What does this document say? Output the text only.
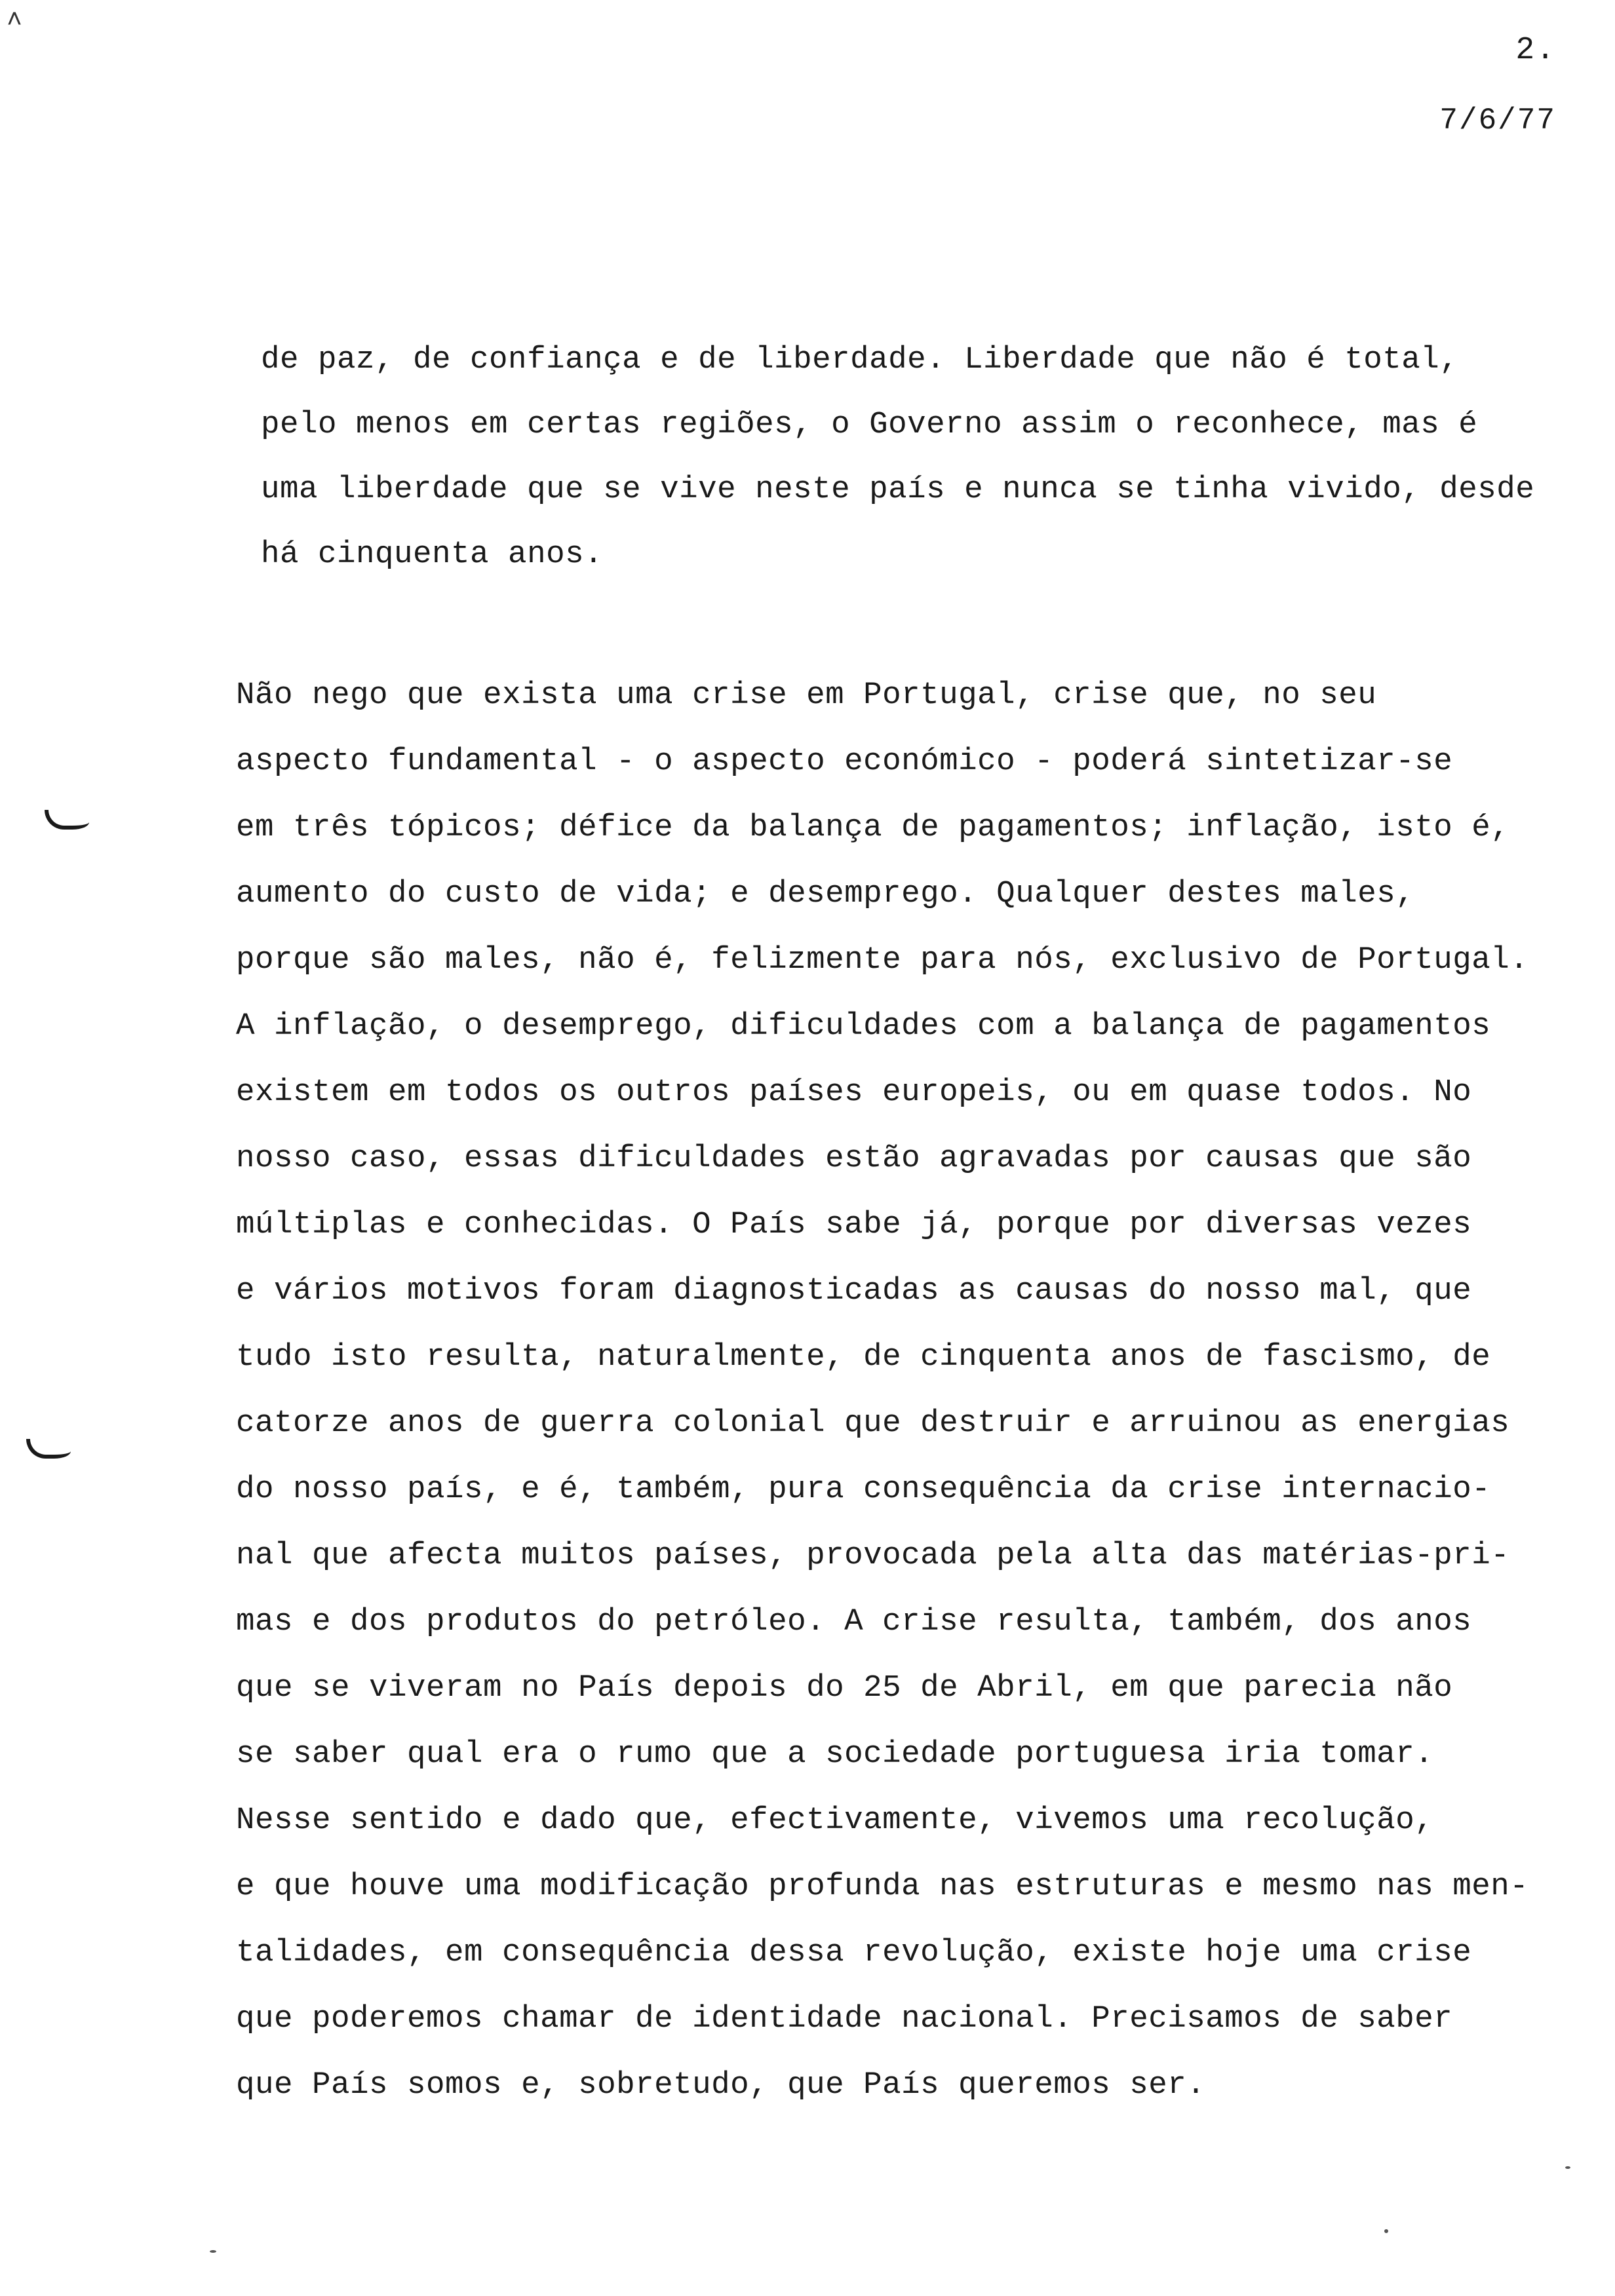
˄
2.
7/6/77

de paz, de confiança e de liberdade. Liberdade que não é total,
pelo menos em certas regiões, o Governo assim o reconhece, mas é
uma liberdade que se vive neste país e nunca se tinha vivido, desde
há cinquenta anos.

Não nego que exista uma crise em Portugal, crise que, no seu
aspecto fundamental - o aspecto económico - poderá sintetizar-se
em três tópicos; défice da balança de pagamentos; inflação, isto é,
aumento do custo de vida; e desemprego. Qualquer destes males,
porque são males, não é, felizmente para nós, exclusivo de Portugal.
A inflação, o desemprego, dificuldades com a balança de pagamentos
existem em todos os outros países europeis, ou em quase todos. No
nosso caso, essas dificuldades estão agravadas por causas que são
múltiplas e conhecidas. O País sabe já, porque por diversas vezes
e vários motivos foram diagnosticadas as causas do nosso mal, que
tudo isto resulta, naturalmente, de cinquenta anos de fascismo, de
catorze anos de guerra colonial que destruir e arruinou as energias
do nosso país, e é, também, pura consequência da crise internacio-
nal que afecta muitos países, provocada pela alta das matérias-pri-
mas e dos produtos do petróleo. A crise resulta, também, dos anos
que se viveram no País depois do 25 de Abril, em que parecia não
se saber qual era o rumo que a sociedade portuguesa iria tomar.
Nesse sentido e dado que, efectivamente, vivemos uma recolução,
e que houve uma modificação profunda nas estruturas e mesmo nas men-
talidades, em consequência dessa revolução, existe hoje uma crise
que poderemos chamar de identidade nacional. Precisamos de saber
que País somos e, sobretudo, que País queremos ser.
